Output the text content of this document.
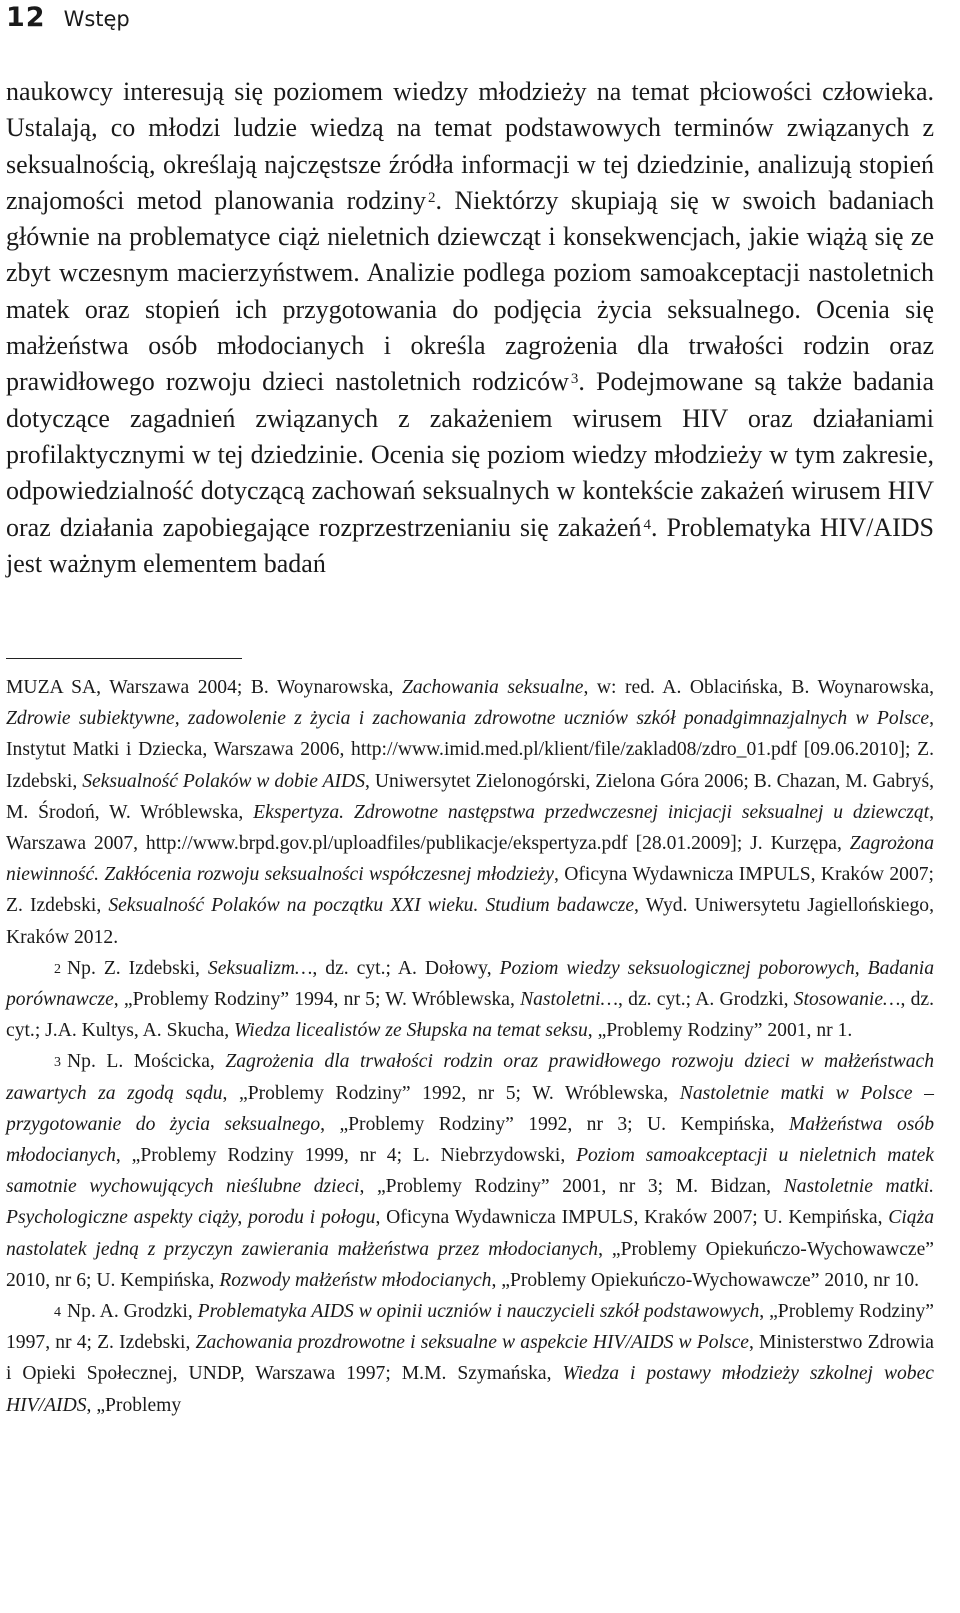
12 Wstęp

naukowcy interesują się poziomem wiedzy młodzieży na temat płciowości człowieka. Ustalają, co młodzi ludzie wiedzą na temat podstawowych terminów związanych z seksualnością, określają najczęstsze źródła informacji w tej dziedzinie, analizują stopień znajomości metod planowania rodziny $^2$. Niektórzy skupiają się w swoich badaniach głównie na problematyce ciąż nieletnich dziewcząt i konsekwencjach, jakie wiążą się ze zbyt wczesnym macierzyństwem. Analizie podlega poziom samoakceptacji nastoletnich matek oraz stopień ich przygotowania do podjęcia życia seksualnego. Ocenia się małżeństwa osób młodocianych i określa zagrożenia dla trwałości rodzin oraz prawidłowego rozwoju dzieci nastoletnich rodziców $^3$. Podejmowane są także badania dotyczące zagadnień związanych z zakażeniem wirusem HIV oraz działaniami profilaktycznymi w tej dziedzinie. Ocenia się poziom wiedzy młodzieży w tym zakresie, odpowiedzialność dotyczącą zachowań seksualnych w kontekście zakażeń wirusem HIV oraz działania zapobiegające rozprzestrzenianiu się zakażeń $^4$. Problematyka HIV/AIDS jest ważnym elementem badań

MUZA SA, Warszawa 2004; B. Woynarowska, Zachowania seksualne, w: red. A. Oblacińska, B. Woynarowska, Zdrowie subiektywne, zadowolenie z życia i zachowania zdrowotne uczniów szkół ponadgimnazjalnych w Polsce, Instytut Matki i Dziecka, Warszawa 2006, http://www.imid.med.pl/klient/file/zaklad08/zdro_01.pdf [09.06.2010]; Z. Izdebski, Seksualność Polaków w dobie AIDS, Uniwersytet Zielonogórski, Zielona Góra 2006; B. Chazan, M. Gabryś, M. Środoń, W. Wróblewska, Ekspertyza. Zdrowotne następstwa przedwczesnej inicjacji seksualnej u dziewcząt, Warszawa 2007, http://www.brpd.gov.pl/uploadfiles/publikacje/ekspertyza.pdf [28.01.2009]; J. Kurzępa, Zagrożona niewinność. Zakłócenia rozwoju seksualności współczesnej młodzieży, Oficyna Wydawnicza IMPULS, Kraków 2007; Z. Izdebski, Seksualność Polaków na początku XXI wieku. Studium badawcze, Wyd. Uniwersytetu Jagiellońskiego, Kraków 2012.

$^2$ Np. Z. Izdebski, Seksualizm…, dz. cyt.; A. Dołowy, Poziom wiedzy seksuologicznej poborowych, Badania porównawcze, „Problemy Rodziny” 1994, nr 5; W. Wróblewska, Nastoletni…, dz. cyt.; A. Grodzki, Stosowanie…, dz. cyt.; J.A. Kultys, A. Skucha, Wiedza licealistów ze Słupska na temat seksu, „Problemy Rodziny” 2001, nr 1.

$^3$ Np. L. Mościcka, Zagrożenia dla trwałości rodzin oraz prawidłowego rozwoju dzieci w małżeństwach zawartych za zgodą sądu, „Problemy Rodziny” 1992, nr 5; W. Wróblewska, Nastoletnie matki w Polsce – przygotowanie do życia seksualnego, „Problemy Rodziny” 1992, nr 3; U. Kempińska, Małżeństwa osób młodocianych, „Problemy Rodziny 1999, nr 4; L. Niebrzydowski, Poziom samoakceptacji u nieletnich matek samotnie wychowujących nieślubne dzieci, „Problemy Rodziny” 2001, nr 3; M. Bidzan, Nastoletnie matki. Psychologiczne aspekty ciąży, porodu i połogu, Oficyna Wydawnicza IMPULS, Kraków 2007; U. Kempińska, Ciąża nastolatek jedną z przyczyn zawierania małżeństwa przez młodocianych, „Problemy Opiekuńczo-Wychowawcze” 2010, nr 6; U. Kempińska, Rozwody małżeństw młodocianych, „Problemy Opiekuńczo-Wychowawcze” 2010, nr 10.

$^4$ Np. A. Grodzki, Problematyka AIDS w opinii uczniów i nauczycieli szkół podstawowych, „Problemy Rodziny” 1997, nr 4; Z. Izdebski, Zachowania prozdrowotne i seksualne w aspekcie HIV/AIDS w Polsce, Ministerstwo Zdrowia i Opieki Społecznej, UNDP, Warszawa 1997; M.M. Szymańska, Wiedza i postawy młodzieży szkolnej wobec HIV/AIDS, „Problemy
